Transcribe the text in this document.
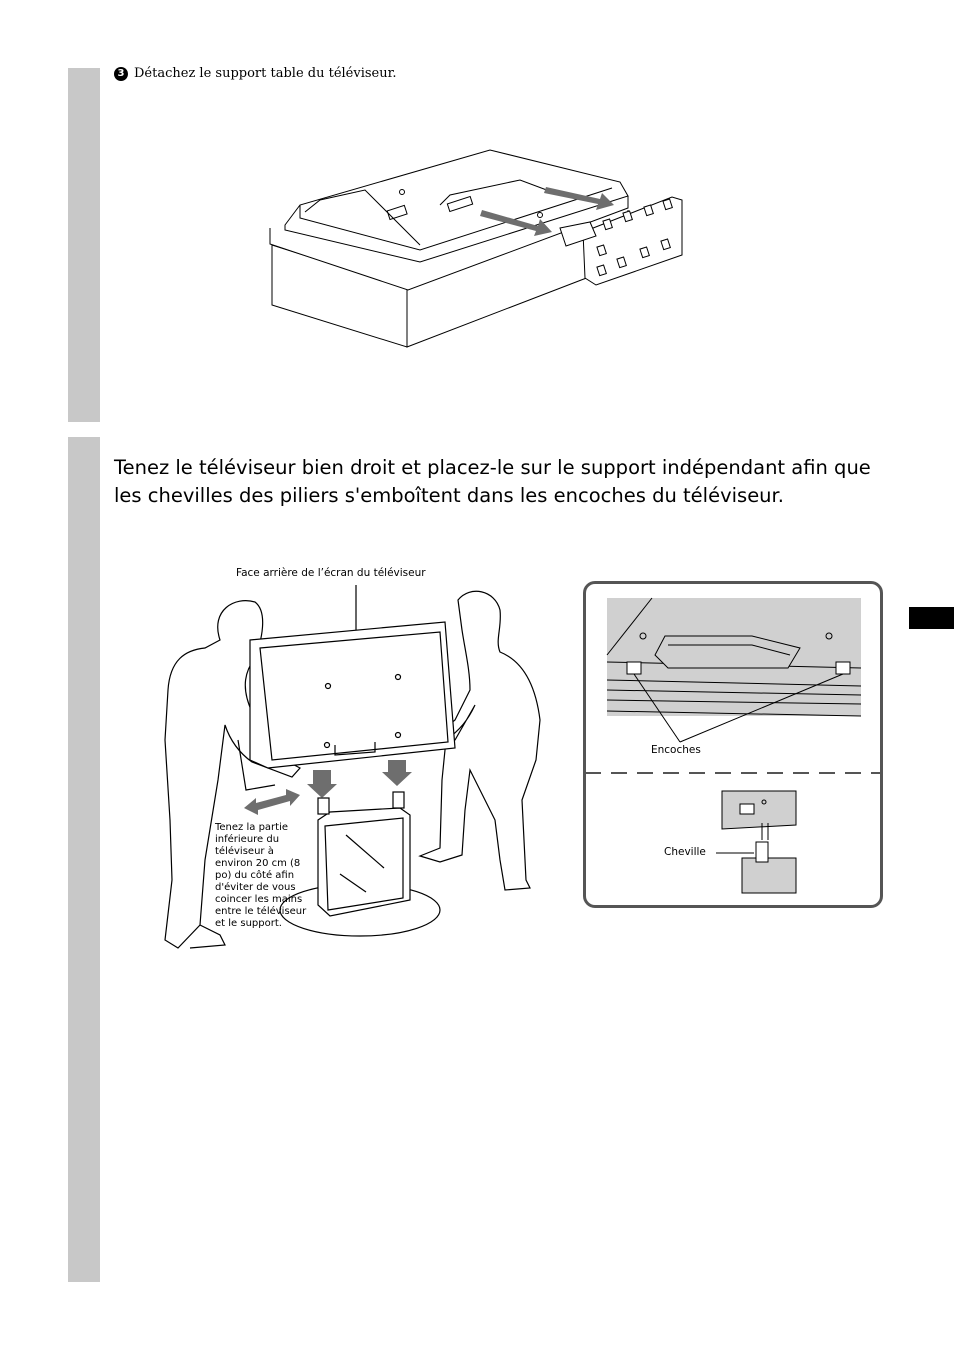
3 Détachez le support table du téléviseur.
Tenez le téléviseur bien droit et placez-le sur le support indépendant afin que les chevilles des piliers s'emboîtent dans les encoches du téléviseur.
Face arrière de l’écran du téléviseur
Tenez la partie inférieure du téléviseur à environ 20 cm (8 po) du côté afin d'éviter de vous coincer les mains entre le téléviseur et le support.
Encoches
Cheville
